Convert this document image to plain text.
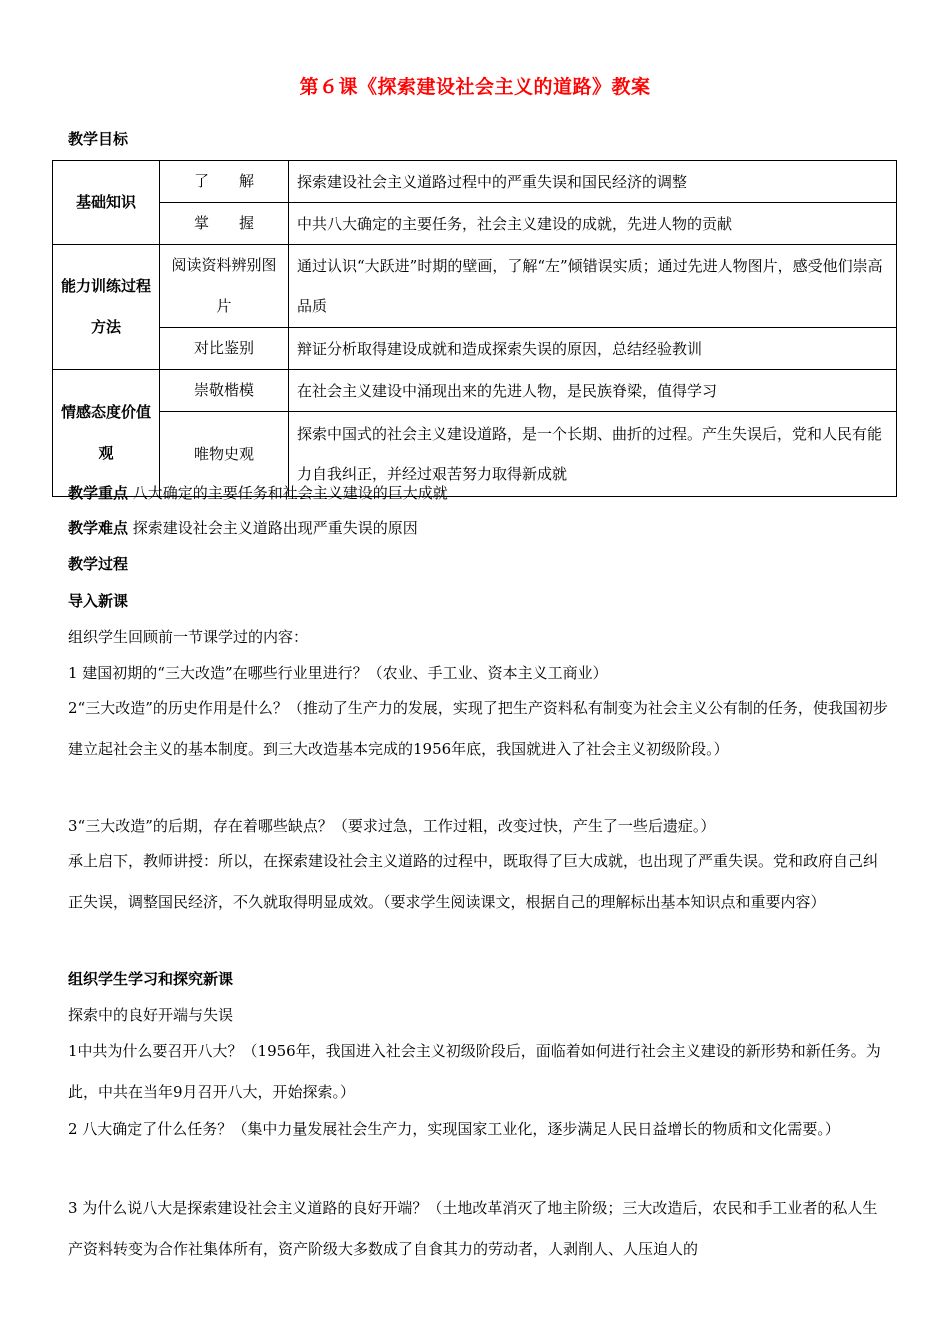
第６课《探索建设社会主义的道路》教案
教学目标
基础知识	了　　解	探索建设社会主义道路过程中的严重失误和国民经济的调整
	掌　　握	中共八大确定的主要任务，社会主义建设的成就，先进人物的贡献
能力训练过程方法	阅读资料辨别图片	通过认识“大跃进”时期的壁画，了解“左”倾错误实质；通过先进人物图片，感受他们崇高品质
	对比鉴别	辩证分析取得建设成就和造成探索失误的原因，总结经验教训
情感态度价值观	崇敬楷模	在社会主义建设中涌现出来的先进人物，是民族脊梁，值得学习
	唯物史观	探索中国式的社会主义建设道路，是一个长期、曲折的过程。产生失误后，党和人民有能力自我纠正，并经过艰苦努力取得新成就
教学重点 八大确定的主要任务和社会主义建设的巨大成就
教学难点 探索建设社会主义道路出现严重失误的原因
教学过程
导入新课
组织学生回顾前一节课学过的内容：
1 建国初期的“三大改造”在哪些行业里进行？（农业、手工业、资本主义工商业）
2“三大改造”的历史作用是什么？（推动了生产力的发展，实现了把生产资料私有制变为社会主义公有制的任务，使我国初步建立起社会主义的基本制度。到三大改造基本完成的1956年底，我国就进入了社会主义初级阶段。）
3“三大改造”的后期，存在着哪些缺点？（要求过急，工作过粗，改变过快，产生了一些后遗症。）
承上启下，教师讲授：所以，在探索建设社会主义道路的过程中，既取得了巨大成就，也出现了严重失误。党和政府自己纠正失误，调整国民经济，不久就取得明显成效。（要求学生阅读课文，根据自己的理解标出基本知识点和重要内容）
组织学生学习和探究新课
探索中的良好开端与失误
1中共为什么要召开八大？（1956年，我国进入社会主义初级阶段后，面临着如何进行社会主义建设的新形势和新任务。为此，中共在当年9月召开八大，开始探索。）
2 八大确定了什么任务？（集中力量发展社会生产力，实现国家工业化，逐步满足人民日益增长的物质和文化需要。）
3 为什么说八大是探索建设社会主义道路的良好开端？（土地改革消灭了地主阶级；三大改造后，农民和手工业者的私人生产资料转变为合作社集体所有，资产阶级大多数成了自食其力的劳动者，人剥削人、人压迫人的
